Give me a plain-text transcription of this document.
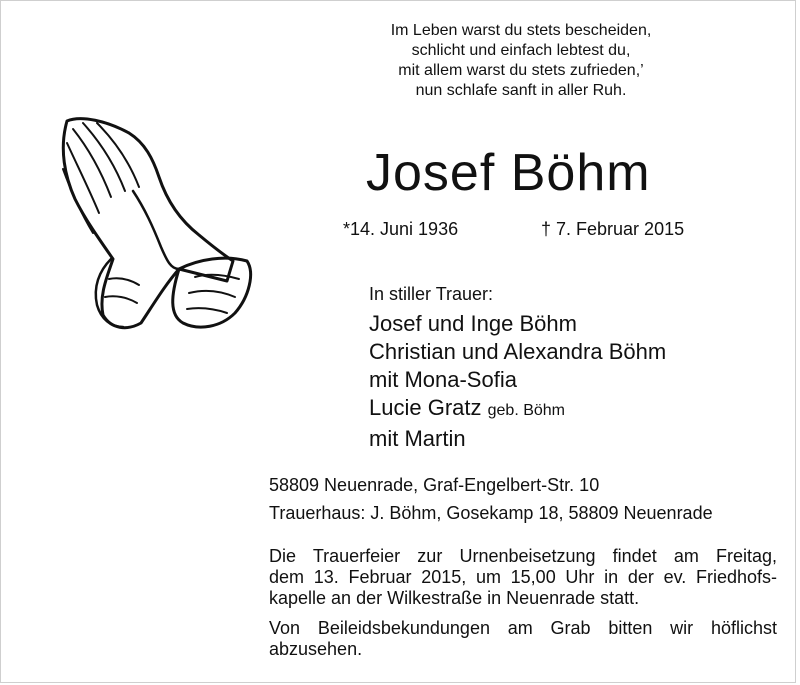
Im Leben warst du stets bescheiden,
schlicht und einfach lebtest du,
mit allem warst du stets zufrieden,’
nun schlafe sanft in aller Ruh.
Josef Böhm
*14. Juni 1936	† 7. Februar 2015
In stiller Trauer:
Josef und Inge Böhm
Christian und Alexandra Böhm
mit Mona-Sofia
Lucie Gratz geb. Böhm
mit Martin
58809 Neuenrade, Graf-Engelbert-Str. 10
Trauerhaus: J. Böhm, Gosekamp 18, 58809 Neuenrade
Die Trauerfeier zur Urnenbeisetzung findet am Freitag,
dem 13. Februar 2015, um 15,00 Uhr in der ev. Friedhofs-
kapelle an der Wilkestraße in Neuenrade statt.
Von Beileidsbekundungen am Grab bitten wir höflichst
abzusehen.
